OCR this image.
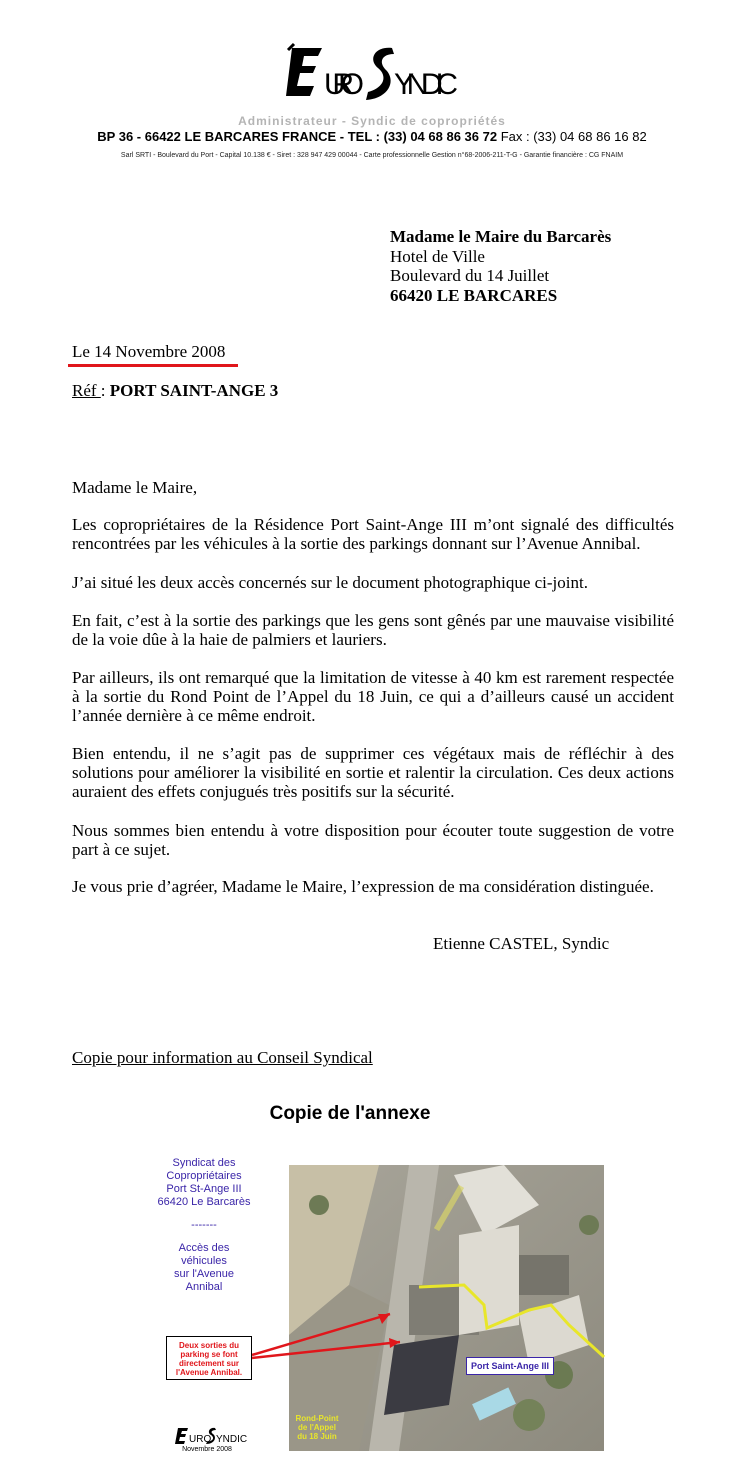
URO YNDIC
Administrateur - Syndic de copropriétés
BP 36 - 66422 LE BARCARES FRANCE - TEL : (33) 04 68 86 36 72 Fax : (33) 04 68 86 16 82
Sarl SRTI - Boulevard du Port - Capital 10.138 € - Siret : 328 947 429 00044 - Carte professionnelle Gestion n°68-2006-211-T-G - Garantie financière : CG FNAIM
Madame le Maire du Barcarès
Hotel de Ville
Boulevard du 14 Juillet
66420 LE BARCARES
Le 14 Novembre 2008
Réf : PORT SAINT-ANGE 3
Madame le Maire,
Les copropriétaires de la Résidence Port Saint-Ange III m’ont signalé des difficultés rencontrées par les véhicules à la sortie des parkings donnant sur l’Avenue Annibal.
J’ai situé les deux accès concernés sur le document photographique ci-joint.
En fait, c’est à la sortie des parkings que les gens sont gênés par une mauvaise visibilité de la voie dûe à la haie de palmiers et lauriers.
Par ailleurs, ils ont remarqué que la limitation de vitesse à 40 km est rarement respectée à la sortie du Rond Point de l’Appel du 18 Juin, ce qui a d’ailleurs causé un accident l’année dernière à ce même endroit.
Bien entendu, il ne s’agit pas de supprimer ces végétaux mais de réfléchir à des solutions pour améliorer la visibilité en sortie et ralentir la circulation. Ces deux actions auraient des effets conjugués très positifs sur la sécurité.
Nous sommes bien entendu à votre disposition pour écouter toute suggestion de votre part à ce sujet.
Je vous prie d’agréer, Madame le Maire, l’expression de ma considération distinguée.
Etienne CASTEL, Syndic
Copie pour information au Conseil Syndical
Copie de l'annexe
Syndicat des
Copropriétaires
Port St-Ange III
66420 Le Barcarès
-------
Accès des
véhicules
sur l'Avenue
Annibal
Deux sorties du
parking se font
directement sur
l'Avenue Annibal.
Port Saint-Ange III
Rond-Point
de l'Appel
du 18 Juin
URO YNDIC
Novembre 2008
